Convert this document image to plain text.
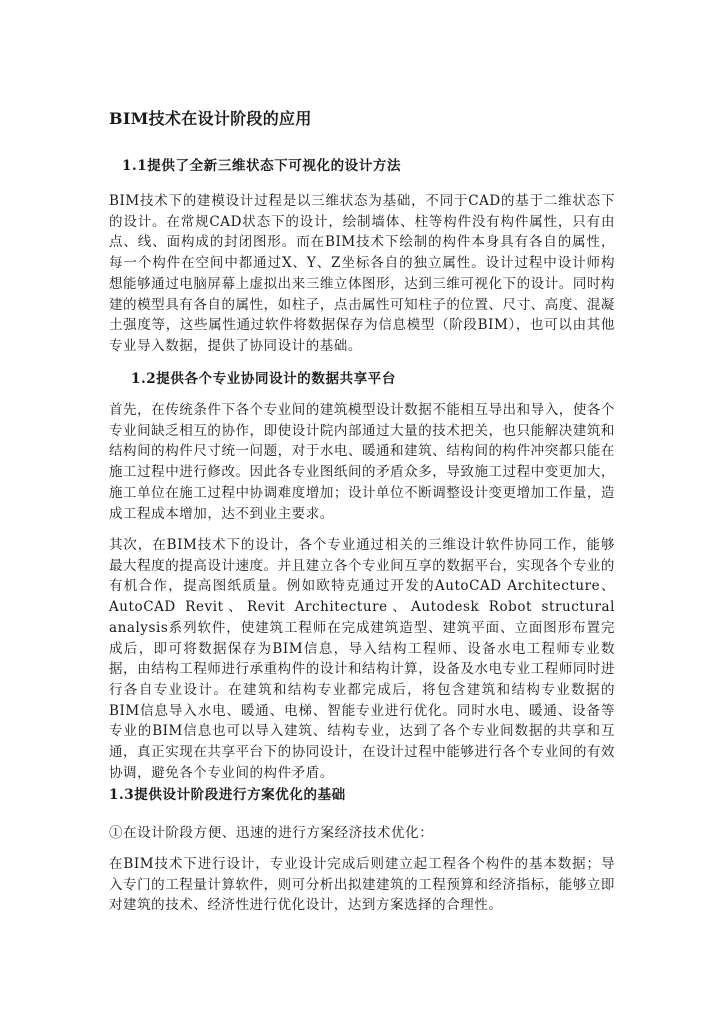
BIM技术在设计阶段的应用
1.1提供了全新三维状态下可视化的设计方法

BIM技术下的建模设计过程是以三维状态为基础，不同于CAD的基于二维状态下的设计。在常规CAD状态下的设计，绘制墙体、柱等构件没有构件属性，只有由点、线、面构成的封闭图形。而在BIM技术下绘制的构件本身具有各自的属性，每一个构件在空间中都通过X、Y、Z坐标各自的独立属性。设计过程中设计师构想能够通过电脑屏幕上虚拟出来三维立体图形，达到三维可视化下的设计。同时构建的模型具有各自的属性，如柱子，点击属性可知柱子的位置、尺寸、高度、混凝土强度等，这些属性通过软件将数据保存为信息模型（阶段BIM），也可以由其他专业导入数据，提供了协同设计的基础。

1.2提供各个专业协同设计的数据共享平台

首先，在传统条件下各个专业间的建筑模型设计数据不能相互导出和导入，使各个专业间缺乏相互的协作，即使设计院内部通过大量的技术把关，也只能解决建筑和结构间的构件尺寸统一问题，对于水电、暖通和建筑、结构间的构件冲突都只能在施工过程中进行修改。因此各专业图纸间的矛盾众多，导致施工过程中变更加大，施工单位在施工过程中协调难度增加；设计单位不断调整设计变更增加工作量，造成工程成本增加，达不到业主要求。

其次，在BIM技术下的设计，各个专业通过相关的三维设计软件协同工作，能够最大程度的提高设计速度。并且建立各个专业间互享的数据平台，实现各个专业的有机合作，提高图纸质量。例如欧特克通过开发的AutoCAD Architecture、AutoCAD Revit、Revit Architecture、Autodesk Robot structural analysis系列软件，使建筑工程师在完成建筑造型、建筑平面、立面图形布置完成后，即可将数据保存为BIM信息，导入结构工程师、设备水电工程师专业数据，由结构工程师进行承重构件的设计和结构计算，设备及水电专业工程师同时进行各自专业设计。在建筑和结构专业都完成后，将包含建筑和结构专业数据的BIM信息导入水电、暖通、电梯、智能专业进行优化。同时水电、暖通、设备等专业的BIM信息也可以导入建筑、结构专业，达到了各个专业间数据的共享和互通，真正实现在共享平台下的协同设计，在设计过程中能够进行各个专业间的有效协调，避免各个专业间的构件矛盾。

1.3提供设计阶段进行方案优化的基础

①在设计阶段方便、迅速的进行方案经济技术优化：

在BIM技术下进行设计，专业设计完成后则建立起工程各个构件的基本数据；导入专门的工程量计算软件，则可分析出拟建建筑的工程预算和经济指标，能够立即对建筑的技术、经济性进行优化设计，达到方案选择的合理性。
